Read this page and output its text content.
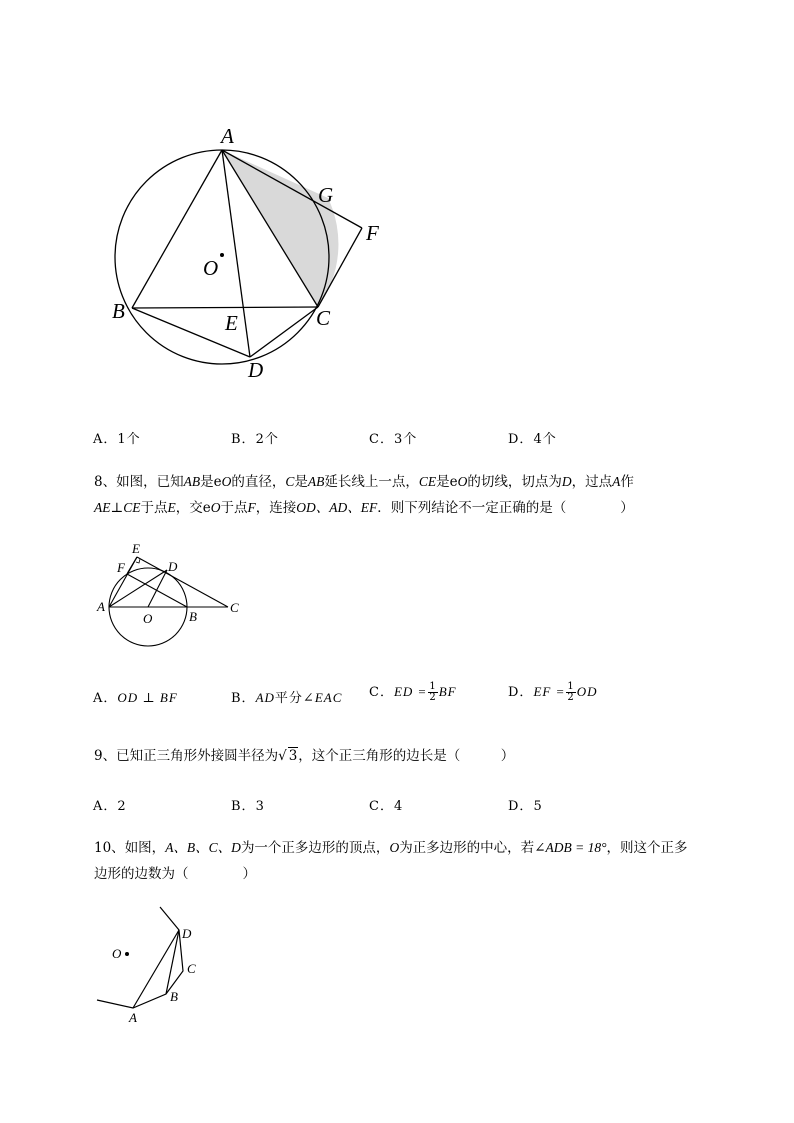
A
G
F
O
B	E	C
D
A．1个	B．2个	C．3个	D．4个
8、如图，已知AB是eO的直径，C是AB延长线上一点，CE是eO的切线，切点为D，过点A作
AE⊥CE于点E，交eO于点F，连接OD、AD、EF．则下列结论不一定正确的是（　　　　）
E
F	D
A
O	B
C
A．OD ⊥ BF	B．AD平分∠EAC C．ED = $\frac{1}{2}$ BF	D．EF = $\frac{1}{2}$ OD
9、已知正三角形外接圆半径为√ 3，这个正三角形的边长是（　　　）
A．2	B．3	C．4	D．5
10、如图，A、B、C、D为一个正多边形的顶点，O为正多边形的中心，若∠ADB = 18°，则这个正多
边形的边数为（　　　　）
O
D
C
B
A
